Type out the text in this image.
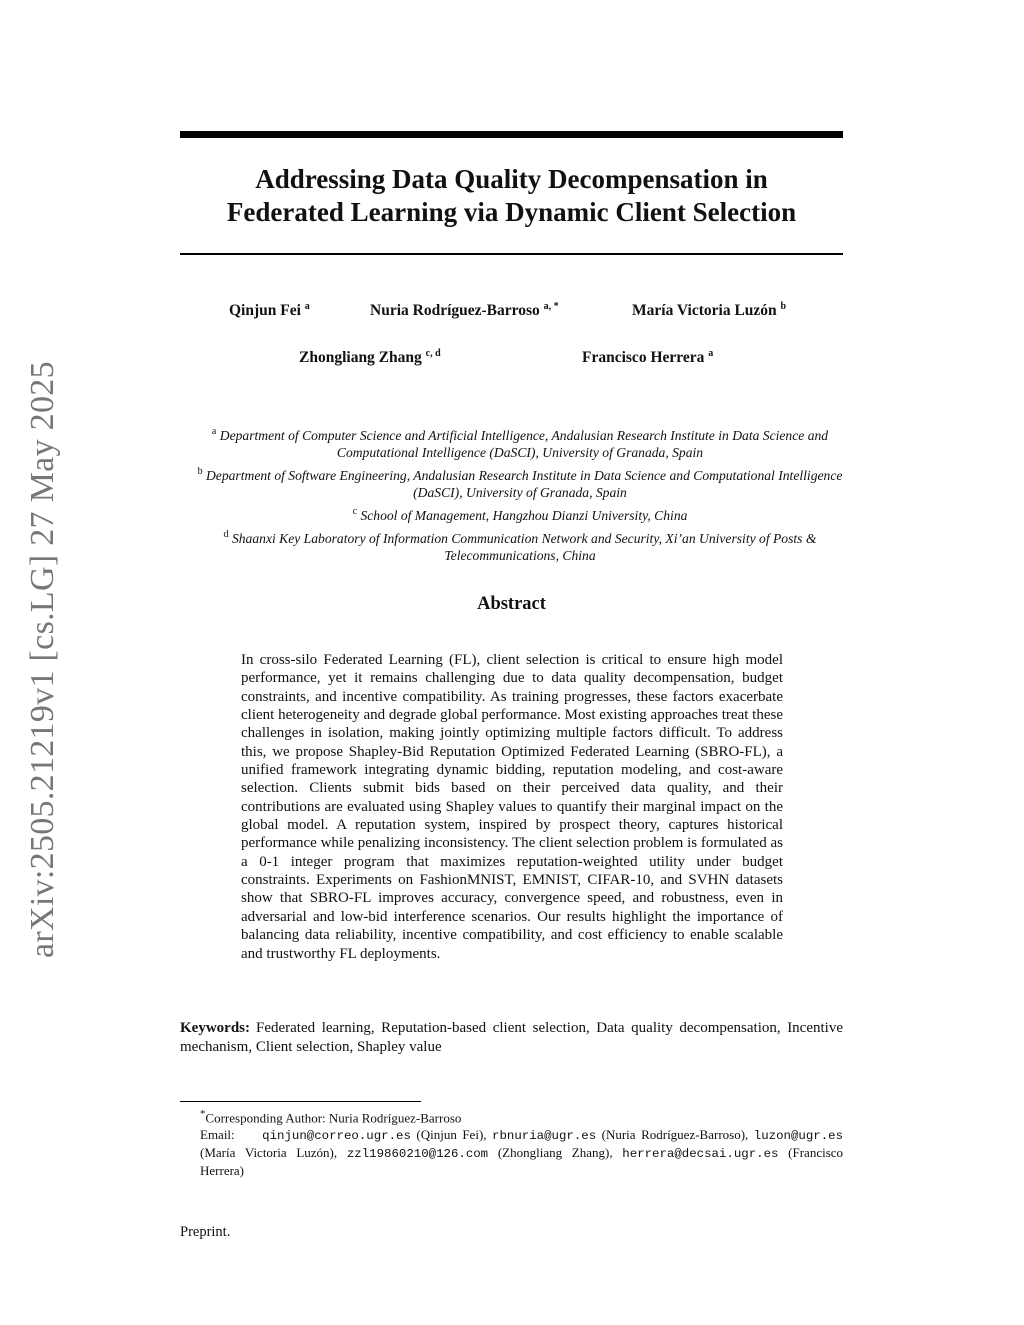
arXiv:2505.21219v1 [cs.LG] 27 May 2025
Addressing Data Quality Decompensation in
Federated Learning via Dynamic Client Selection
Qinjun Fei $^a$	Nuria Rodríguez-Barroso $^{a, *}$	María Victoria Luzón $^b$
Zhongliang Zhang $^{c, d}$	Francisco Herrera $^a$
$^a$ Department of Computer Science and Artificial Intelligence, Andalusian Research Institute in Data Science and Computational Intelligence (DaSCI), University of Granada, Spain
$^b$ Department of Software Engineering, Andalusian Research Institute in Data Science and Computational Intelligence (DaSCI), University of Granada, Spain
$^c$ School of Management, Hangzhou Dianzi University, China
$^d$ Shaanxi Key Laboratory of Information Communication Network and Security, Xi’an University of Posts & Telecommunications, China
Abstract
In cross-silo Federated Learning (FL), client selection is critical to ensure high model performance, yet it remains challenging due to data quality decompensation, budget constraints, and incentive compatibility. As training progresses, these factors exacerbate client heterogeneity and degrade global performance. Most existing approaches treat these challenges in isolation, making jointly optimizing multiple factors difficult. To address this, we propose Shapley-Bid Reputation Optimized Federated Learning (SBRO-FL), a unified framework integrating dynamic bidding, reputation modeling, and cost-aware selection. Clients submit bids based on their perceived data quality, and their contributions are evaluated using Shapley values to quantify their marginal impact on the global model. A reputation system, inspired by prospect theory, captures historical performance while penalizing inconsistency. The client selection problem is formulated as a 0-1 integer program that maximizes reputation-weighted utility under budget constraints. Experiments on FashionMNIST, EMNIST, CIFAR-10, and SVHN datasets show that SBRO-FL improves accuracy, convergence speed, and robustness, even in adversarial and low-bid interference scenarios. Our results highlight the importance of balancing data reliability, incentive compatibility, and cost efficiency to enable scalable and trustworthy FL deployments.
Keywords: Federated learning, Reputation-based client selection, Data quality decompensation, Incentive mechanism, Client selection, Shapley value
*Corresponding Author: Nuria Rodríguez-Barroso
Email: qinjun@correo.ugr.es (Qinjun Fei), rbnuria@ugr.es (Nuria Rodríguez-Barroso), luzon@ugr.es (María Victoria Luzón), zzl19860210@126.com (Zhongliang Zhang), herrera@decsai.ugr.es (Francisco Herrera)
Preprint.
